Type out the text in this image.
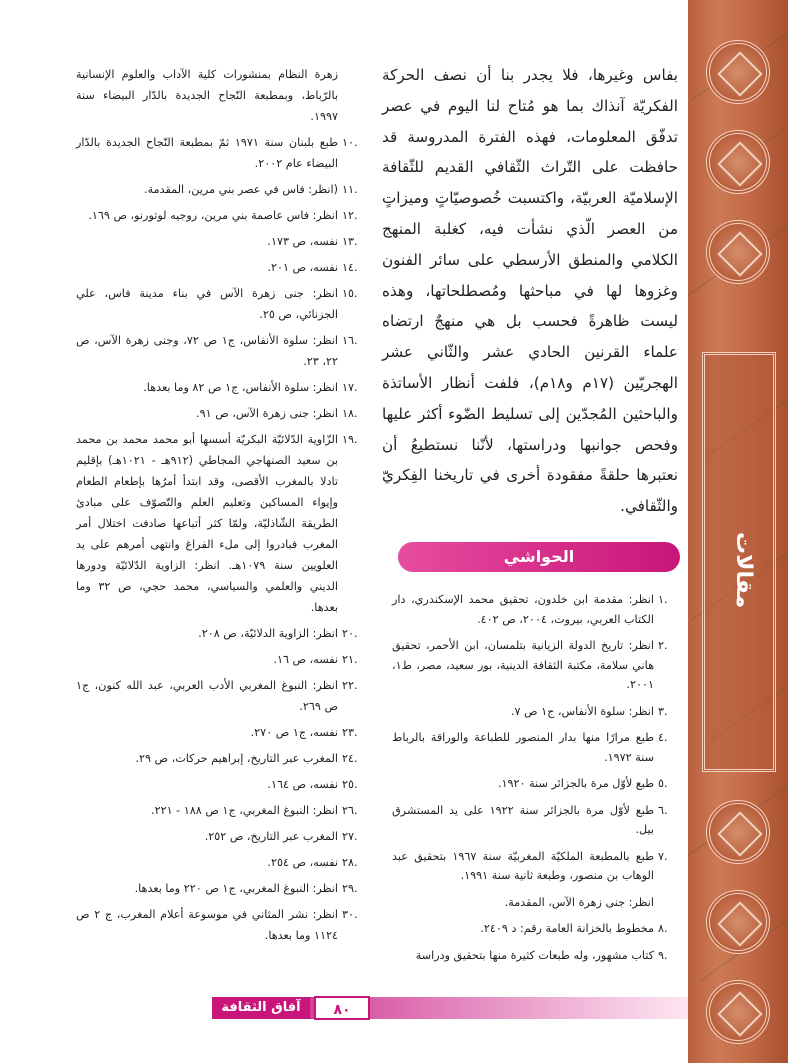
مقالات
بفاس وغيرها، فلا يجدر بنا أن نصف الحركة الفكريّة آنذاك بما هو مُتاح لنا اليوم في عصر تدفّق المعلومات، فهذه الفترة المدروسة قد حافظت على التّراث الثّقافي القديم للثّقافة الإسلاميّة العربيّة، واكتسبت خُصوصيّاتٍ وميزاتٍ من العصر الّذي نشأت فيه، كغلبة المنهج الكلامي والمنطق الأرسطي على سائر الفنون وغزوها لها في مباحثها ومُصطلحاتها، وهذه ليست ظاهرةً فحسب بل هي منهجٌ ارتضاه علماء القرنين الحادي عشر والثّاني عشر الهجريّين (١٧م و١٨م)، فلفت أنظار الأساتذة والباحثين المُجدّين إلى تسليط الضّوء أكثر عليها وفحص جوانبها ودراستها، لأنّنا نستطيعُ أن نعتبرها حلقةً مفقودة أخرى في تاريخنا الفِكريّ والثّقافي.
الحواشي
١.
انظر: مقدمة ابن خلدون، تحقيق محمد الإسكندري، دار الكتاب العربي، بيروت، ٢٠٠٤، ص ٤٠٢.
٢.
انظر: تاريخ الدولة الزيانية بتلمسان، ابن الأحمر، تحقيق هاني سلامة، مكتبة الثقافة الدينية، بور سعيد، مصر، ط١، ٢٠٠١.
٣.
انظر: سلوة الأنفاس، ج١ ص ٧.
٤.
طبع مرارًا منها بدار المنصور للطباعة والوراقة بالرباط سنة ١٩٧٢.
٥.
طبع لأوّل مرة بالجزائر سنة ١٩٢٠.
٦.
طبع لأوّل مرة بالجزائر سنة ١٩٢٢ على يد المستشرق بيل.
٧.
طبع بالمطبعة الملكيّة المغربيّة سنة ١٩٦٧ بتحقيق عبد الوهاب بن منصور، وطبعة ثانية سنة ١٩٩١.
انظر: جنى زهرة الآس، المقدمة.
٨.
مخطوط بالخزانة العامة رقم: د ٢٤٠٩.
٩.
كتاب مشهور، وله طبعات كثيرة منها بتحقيق ودراسة
زهرة النظام بمنشورات كلية الآداب والعلوم الإنسانية بالرّباط، وبمطبعة النّجاح الجديدة بالدّار البيضاء سنة ١٩٩٧.
١٠.
طبع بلبنان سنة ١٩٧١ ثمّ بمطبعة النّجاح الجديدة بالدّار البيضاء عام ٢٠٠٢.
١١.
(انظر: فاس في عصر بني مرين، المقدمة.
١٢.
انظر: فاس عاصمة بني مرين، روجيه لوتورنو، ص ١٦٩.
١٣.
نفسه، ص ١٧٣.
١٤.
نفسه، ص ٢٠١.
١٥.
انظر: جنى زهرة الآس في بناء مدينة فاس، علي الجزنائي، ص ٢٥.
١٦.
انظر: سلوة الأنفاس، ج١ ص ٧٢، وجنى زهرة الآس، ص ٢٢، ٢٣.
١٧.
انظر: سلوة الأنفاس، ج١ ص ٨٢ وما بعدها.
١٨.
انظر: جنى زهرة الآس، ص ٩١.
١٩.
الزّاوية الدّلائيّة البكريّة أسسها أبو محمد محمد بن محمد بن سعيد الصنهاجي المجاطي (٩١٢هـ - ١٠٢١هـ) بإقليم تادلا بالمغرب الأقصى، وقد ابتدأ أمرُها بإطعام الطعام وإيواء المساكين وتعليم العلم والتّصوّف على مبادئ الطريقة الشّاذليّة، ولمّا كثر أتباعها صادفت اختلال أمر المغرب فبادروا إلى ملء الفراغ وانتهى أمرهم على يد العلويين سنة ١٠٧٩هـ. انظر: الزاوية الدّلائيّة ودورها الديني والعلمي والسياسي، محمد حجي، ص ٣٢ وما بعدها.
٢٠.
انظر: الزاوية الدلائيّة، ص ٢٠٨.
٢١.
نفسه، ص ١٦.
٢٢.
انظر: النبوغ المغربي الأدب العربي، عبد الله كنون، ج١ ص ٢٦٩.
٢٣.
نفسه، ج١ ص ٢٧٠.
٢٤.
المغرب عبر التاريخ، إبراهيم حركات، ص ٢٩.
٢٥.
نفسه، ص ١٦٤.
٢٦.
انظر: النبوغ المغربي، ج١ ص ١٨٨ - ٢٢١.
٢٧.
المغرب عبر التاريخ، ص ٢٥٢.
٢٨.
نفسه، ص ٢٥٤.
٢٩.
انظر: النبوغ المغربي، ج١ ص ٢٢٠ وما بعدها.
٣٠.
انظر: نشر المثاني في موسوعة أعلام المغرب، ج ٢ ص ١١٢٤ وما بعدها.
آفاق الثقافة والتراث
٨٠
